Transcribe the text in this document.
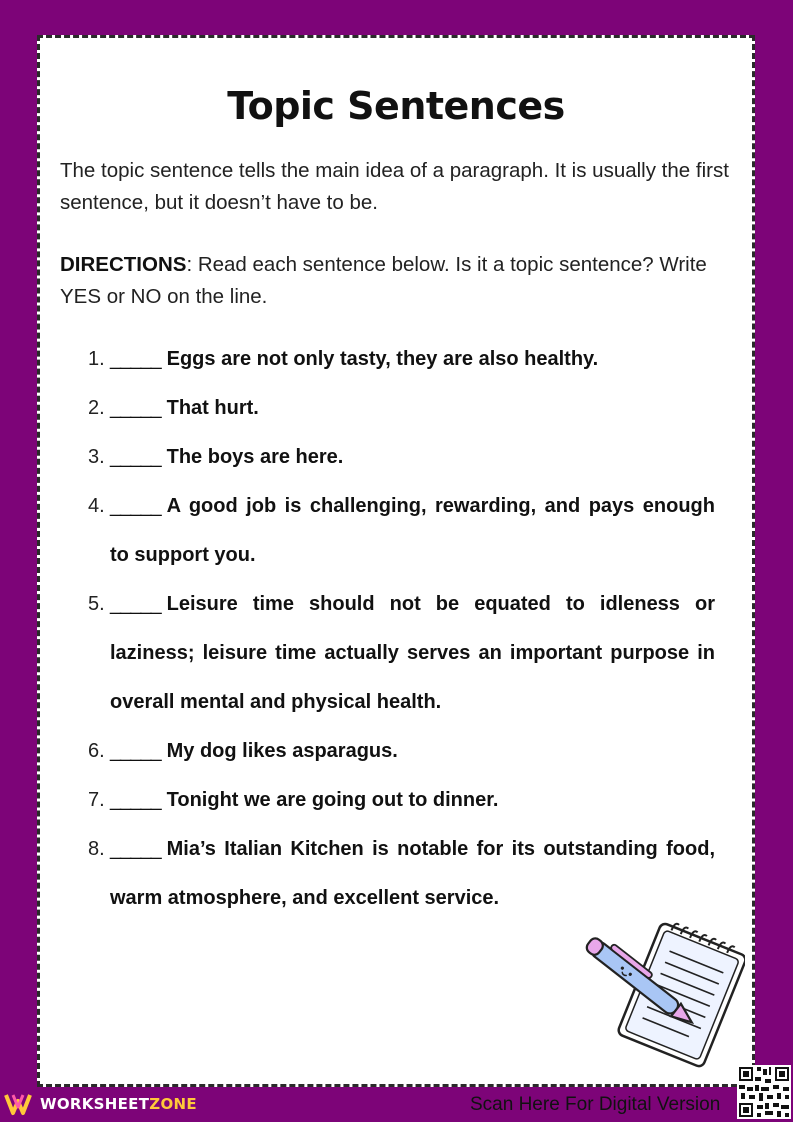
Topic Sentences
The topic sentence tells the main idea of a paragraph. It is usually the first sentence, but it doesn’t have to be.
DIRECTIONS: Read each sentence below. Is it a topic sentence? Write YES or NO on the line.
1. _____ Eggs are not only tasty, they are also healthy.
2. _____ That hurt.
3. _____ The boys are here.
4. _____ A good job is challenging, rewarding, and pays enough to support you.
5. _____ Leisure time should not be equated to idleness or laziness; leisure time actually serves an important purpose in overall mental and physical health.
6. _____ My dog likes asparagus.
7. _____ Tonight we are going out to dinner.
8. _____ Mia’s Italian Kitchen is notable for its outstanding food, warm atmosphere, and excellent service.
WORKSHEETZONE	Scan Here For Digital Version
